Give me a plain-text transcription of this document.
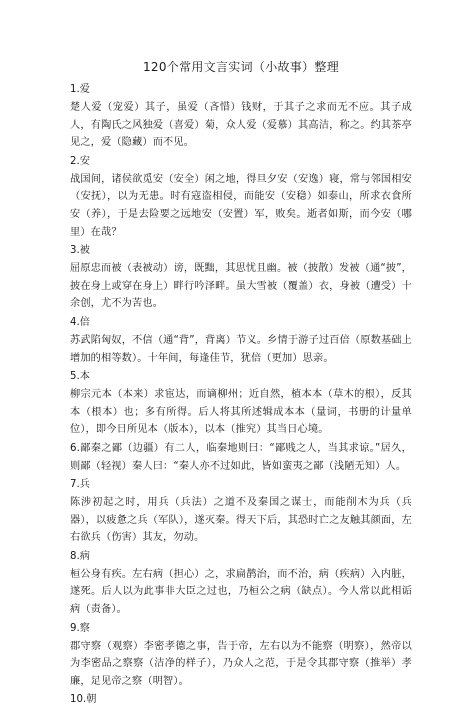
120个常用文言实词（小故事）整理
1.爱
楚人爱（宠爱）其子，虽爱（吝惜）钱财，于其子之求而无不应。其子成人，有陶氏之风独爱（喜爱）菊，众人爱（爱慕）其高洁，称之。约其茶亭见之，爱（隐藏）而不见。
2.安
战国间，诸侯欲觅安（安全）闲之地，得旦夕安（安逸）寝，常与邻国相安（安抚），以为无患。时有寇盗相侵，而能安（安稳）如泰山，所求衣食所安（养），于是去险要之远地安（安置）军，败矣。逝者如斯，而今安（哪里）在哉？
3.被
屈原忠而被（表被动）谤，既黜，其思忧且幽。被（披散）发被（通“披”，披在身上或穿在身上）畔行吟泽畔。虽大雪被（覆盖）衣，身被（遭受）十余创，尤不为苦也。
4.倍
苏武陷匈奴，不信（通“背”，背离）节义。乡情于游子过百倍（原数基础上增加的相等数）。十年间，每逢佳节，犹倍（更加）思亲。
5.本
柳宗元本（本来）求宦达，而谪柳州；近自然，植本本（草木的根），反其本（根本）也；多有所得。后人将其所述辑成本本（量词，书册的计量单位），即今日所见本（版本），以本（推究）其当日心境。
6.鄙秦之鄙（边疆）有二人，临秦地则曰：“鄙贱之人，当其求谅。”居久，则鄙（轻视）秦人曰：“秦人亦不过如此，皆如蛮夷之鄙（浅陋无知）人。
7.兵
陈涉初起之时，用兵（兵法）之道不及秦国之谋士，而能削木为兵（兵器），以疲惫之兵（军队），遂灭秦。得天下后，其恐时亡之友触其颜面，左右欲兵（伤害）其友，勿动。
8.病
桓公身有疾。左右病（担心）之，求扁鹊治，而不治，病（疾病）入内脏，遂死。后人以为此事非大臣之过也，乃桓公之病（缺点）。今人常以此相诟病（责备）。
9.察
郡守察（观察）李密孝德之事，告于帝，左右以为不能察（明察），然帝以为李密品之察察（洁净的样子），乃众人之范，于是令其郡守察（推举）孝廉，足见帝之察（明智）。
10.朝
